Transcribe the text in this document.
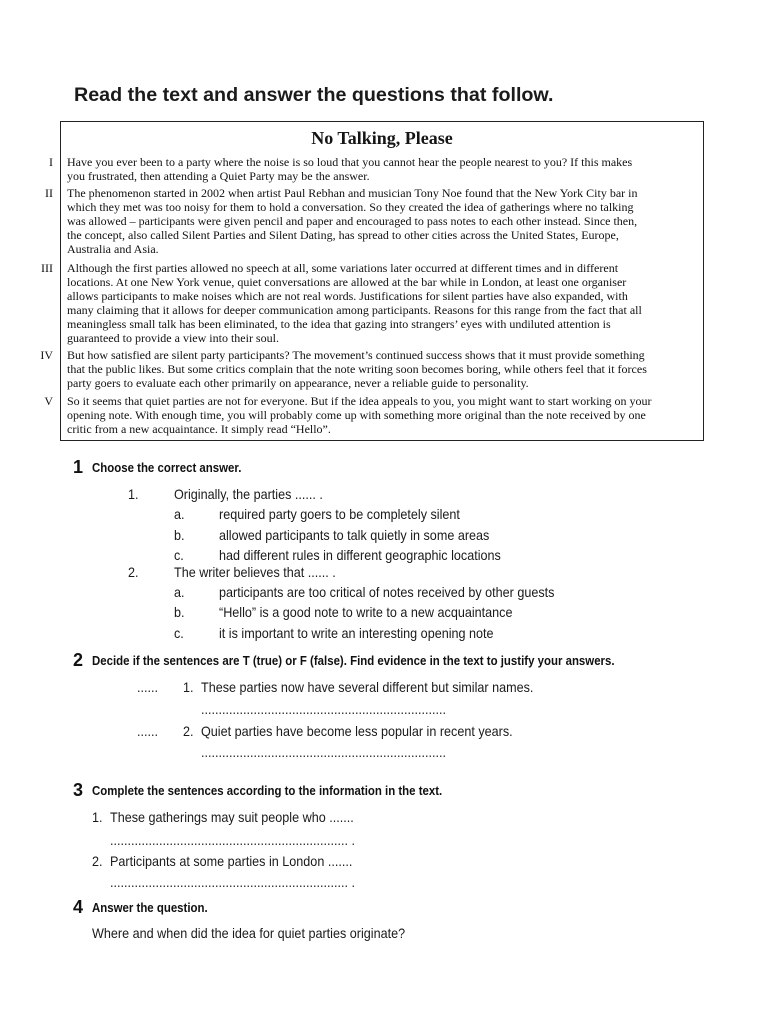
Read the text and answer the questions that follow.
I
II
III
IV
V
No Talking, Please
Have you ever been to a party where the noise is so loud that you cannot hear the people nearest to you? If this makes
you frustrated, then attending a Quiet Party may be the answer.
The phenomenon started in 2002 when artist Paul Rebhan and musician Tony Noe found that the New York City bar in
which they met was too noisy for them to hold a conversation. So they created the idea of gatherings where no talking
was allowed – participants were given pencil and paper and encouraged to pass notes to each other instead. Since then,
the concept, also called Silent Parties and Silent Dating, has spread to other cities across the United States, Europe,
Australia and Asia.
Although the first parties allowed no speech at all, some variations later occurred at different times and in different
locations. At one New York venue, quiet conversations are allowed at the bar while in London, at least one organiser
allows participants to make noises which are not real words. Justifications for silent parties have also expanded, with
many claiming that it allows for deeper communication among participants. Reasons for this range from the fact that all
meaningless small talk has been eliminated, to the idea that gazing into strangers’ eyes with undiluted attention is
guaranteed to provide a view into their soul.
But how satisfied are silent party participants? The movement’s continued success shows that it must provide something
that the public likes. But some critics complain that the note writing soon becomes boring, while others feel that it forces
party goers to evaluate each other primarily on appearance, never a reliable guide to personality.
So it seems that quiet parties are not for everyone. But if the idea appeals to you, you might want to start working on your
opening note. With enough time, you will probably come up with something more original than the note received by one
critic from a new acquaintance. It simply read “Hello”.
1 Choose the correct answer.
1.	Originally, the parties ...... .
a. required party goers to be completely silent
b. allowed participants to talk quietly in some areas
c.	had different rules in different geographic locations
2.	The writer believes that ...... .
a. participants are too critical of notes received by other guests
b. “Hello” is a good note to write to a new acquaintance
c.	it is important to write an interesting opening note
2 Decide if the sentences are T (true) or F (false). Find evidence in the text to justify your answers.
...... 1. These parties now have several different but similar names.
......................................................................
...... 2. Quiet parties have become less popular in recent years.
......................................................................
3 Complete the sentences according to the information in the text.
1. These gatherings may suit people who .......
.................................................................... .
2. Participants at some parties in London .......
.................................................................... .
4 Answer the question.
Where and when did the idea for quiet parties originate?
